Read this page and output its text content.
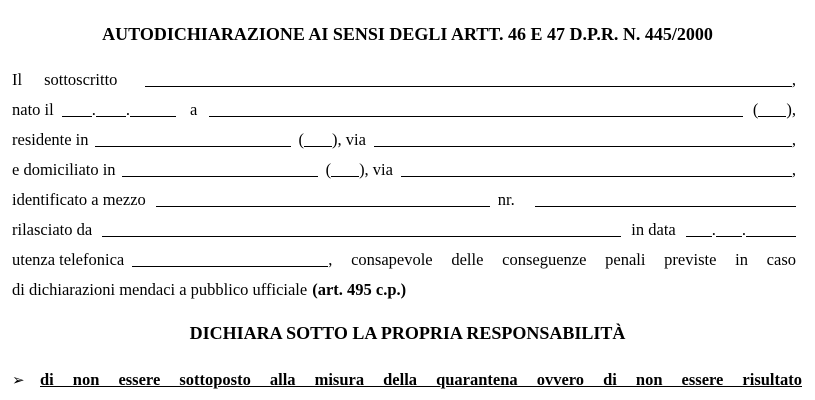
AUTODICHIARAZIONE AI SENSI DEGLI ARTT. 46 E 47 D.P.R. N. 445/2000
Il sottoscritto	,
nato il . .	a	( ),
residente in	( ), via	,
e domiciliato in	( ), via	,
identificato a mezzo	nr.
rilasciato da	in data . .
utenza telefonica	, consapevole delle conseguenze penali previste in caso
di dichiarazioni mendaci a pubblico ufficiale (art. 495 c.p.)
DICHIARA SOTTO LA PROPRIA RESPONSABILITÀ
➢ di non essere sottoposto alla misura della quarantena ovvero di non essere risultato
